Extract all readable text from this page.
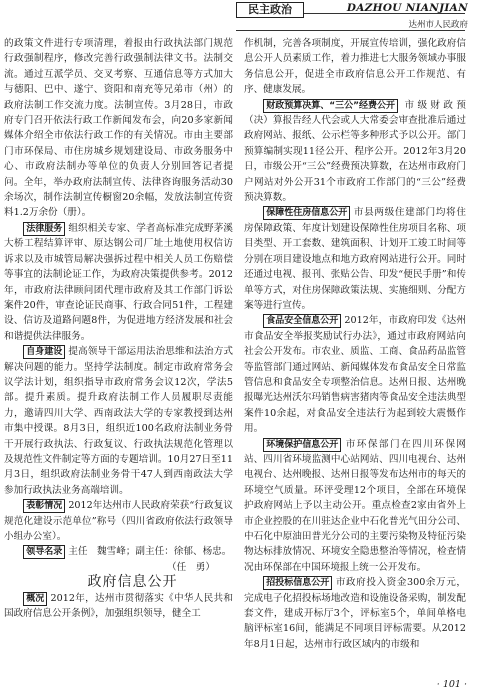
民主政治	DAZHOU NIANJIAN
达州市人民政府

的政策文件进行专项清理，着报由行政执法部门规范行政强制程序，修改完善行政强制法律文书。法制交流。通过互派学员、交叉考察、互通信息等方式加大与德阳、巴中、遂宁、资阳和南充等兄弟市（州）的政府法制工作交流力度。法制宣传。3月28日，市政府专门召开依法行政工作新闻发布会，向20多家新闻媒体介绍全市依法行政工作的有关情况。市由主要部门市环保局、市住房城乡规划建设局、市政务服务中心、市政府法制办等单位的负责人分别回答记者提问。全年，举办政府法制宣传、法律咨询服务活动30余场次，制作法制宣传橱窗20余幅，发放法制宣传资料1.2万余份（册）。

法律服务 组织相关专家、学者高标准完成野茅溪大桥工程结算评审、原达钢公司厂址土地使用权信访诉求以及市城管局解决强拆过程中相关人员工伤赔偿等事宜的法制论证工作，为政府决策提供参考。2012年，市政府法律顾问团代理市政府及其工作部门诉讼案件20件，审查论证民商事、行政合同51件，工程建设、信访及道路问题8件，为促进地方经济发展和社会和谐提供法律服务。

自身建设 提高领导干部运用法治思维和法治方式解决问题的能力。坚持学法制度。制定市政府常务会议学法计划，组织指导市政府常务会议12次，学法5部。提升素质。提升政府法制工作人员履职尽责能力，邀请四川大学、西南政法大学的专家教授到达州市集中授课。8月3日，组织近100名政府法制业务骨干开展行政执法、行政复议、行政执法规范化管理以及规范性文件制定等方面的专题培训。10月27日至11月3日，组织政府法制业务骨干47人到西南政法大学参加行政执法业务高端培训。

表彰情况 2012年达州市人民政府荣获“行政复议规范化建设示范单位”称号（四川省政府依法行政领导小组办公室）。

领导名录 主任　魏雪峰；副主任：徐郁、杨忠。

（任　勇）

政府信息公开

概况 2012年，达州市贯彻落实《中华人民共和国政府信息公开条例》，加强组织领导，健全工

作机制，完善各项制度，开展宣传培训，强化政府信息公开人员素质工作，着力推进七大服务领域办事服务信息公开，促进全市政府信息公开工作规范、有序、健康发展。

财政预算决算、“三公”经费公开 市级财政预（决）算报告经人代会或人大常委会审查批准后通过政府网站、报纸、公示栏等多种形式予以公开。部门预算编制实现11径公开、程序公开。2012年3月20日，市级公开“三公”经费预决算数，在达州市政府门户网站对外公开31个市政府工作部门的“三公”经费预决算数。

保障性住房信息公开 市县两级住建部门均将住房保障政策、年度计划建设保障性住房项目名称、项目类型、开工套数、建筑面积、计划开工竣工时间等分别在项目建设地点和地方政府网站进行公开。同时还通过电视、报刊、张贴公告、印发“便民手册”和传单等方式，对住房保障政策法规、实施细则、分配方案等进行宣传。

食品安全信息公开 2012年，市政府印发《达州市食品安全举报奖励试行办法》，通过市政府网站向社会公开发布。市农业、质监、工商、食品药品监管等监管部门通过网站、新闻媒体发布食品安全日常监管信息和食品安全专项整治信息。达州日报、达州晚报曝光达州沃尔玛销售病害猪肉等食品安全违法典型案件10余起，对食品安全违法行为起到较大震慑作用。

环境保护信息公开 市环保部门在四川环保网站、四川省环境监测中心站网站、四川电视台、达州电视台、达州晚报、达州日报等发布达州市的每天的环境空气质量。环评受理12个项目，全部在环境保护政府网站上予以主动公开。重点检查2家由省外上市企业控股的在川驻达企业中石化普光气田分公司、中石化中原油田普光分公司的主要污染物及特征污染物达标排放情况、环境安全隐患整治等情况，检查情况由环保部在中国环境报上统一公开发布。

招投标信息公开 市政府投入资金300余万元，完成电子化招投标场地改造和设施设备采购，制发配套文件，建成开标厅3个，评标室5个，单间单格电脑评标室16间，能满足不同项目评标需要。从2012年8月1日起，达州市行政区域内的市级和

· 101 ·
